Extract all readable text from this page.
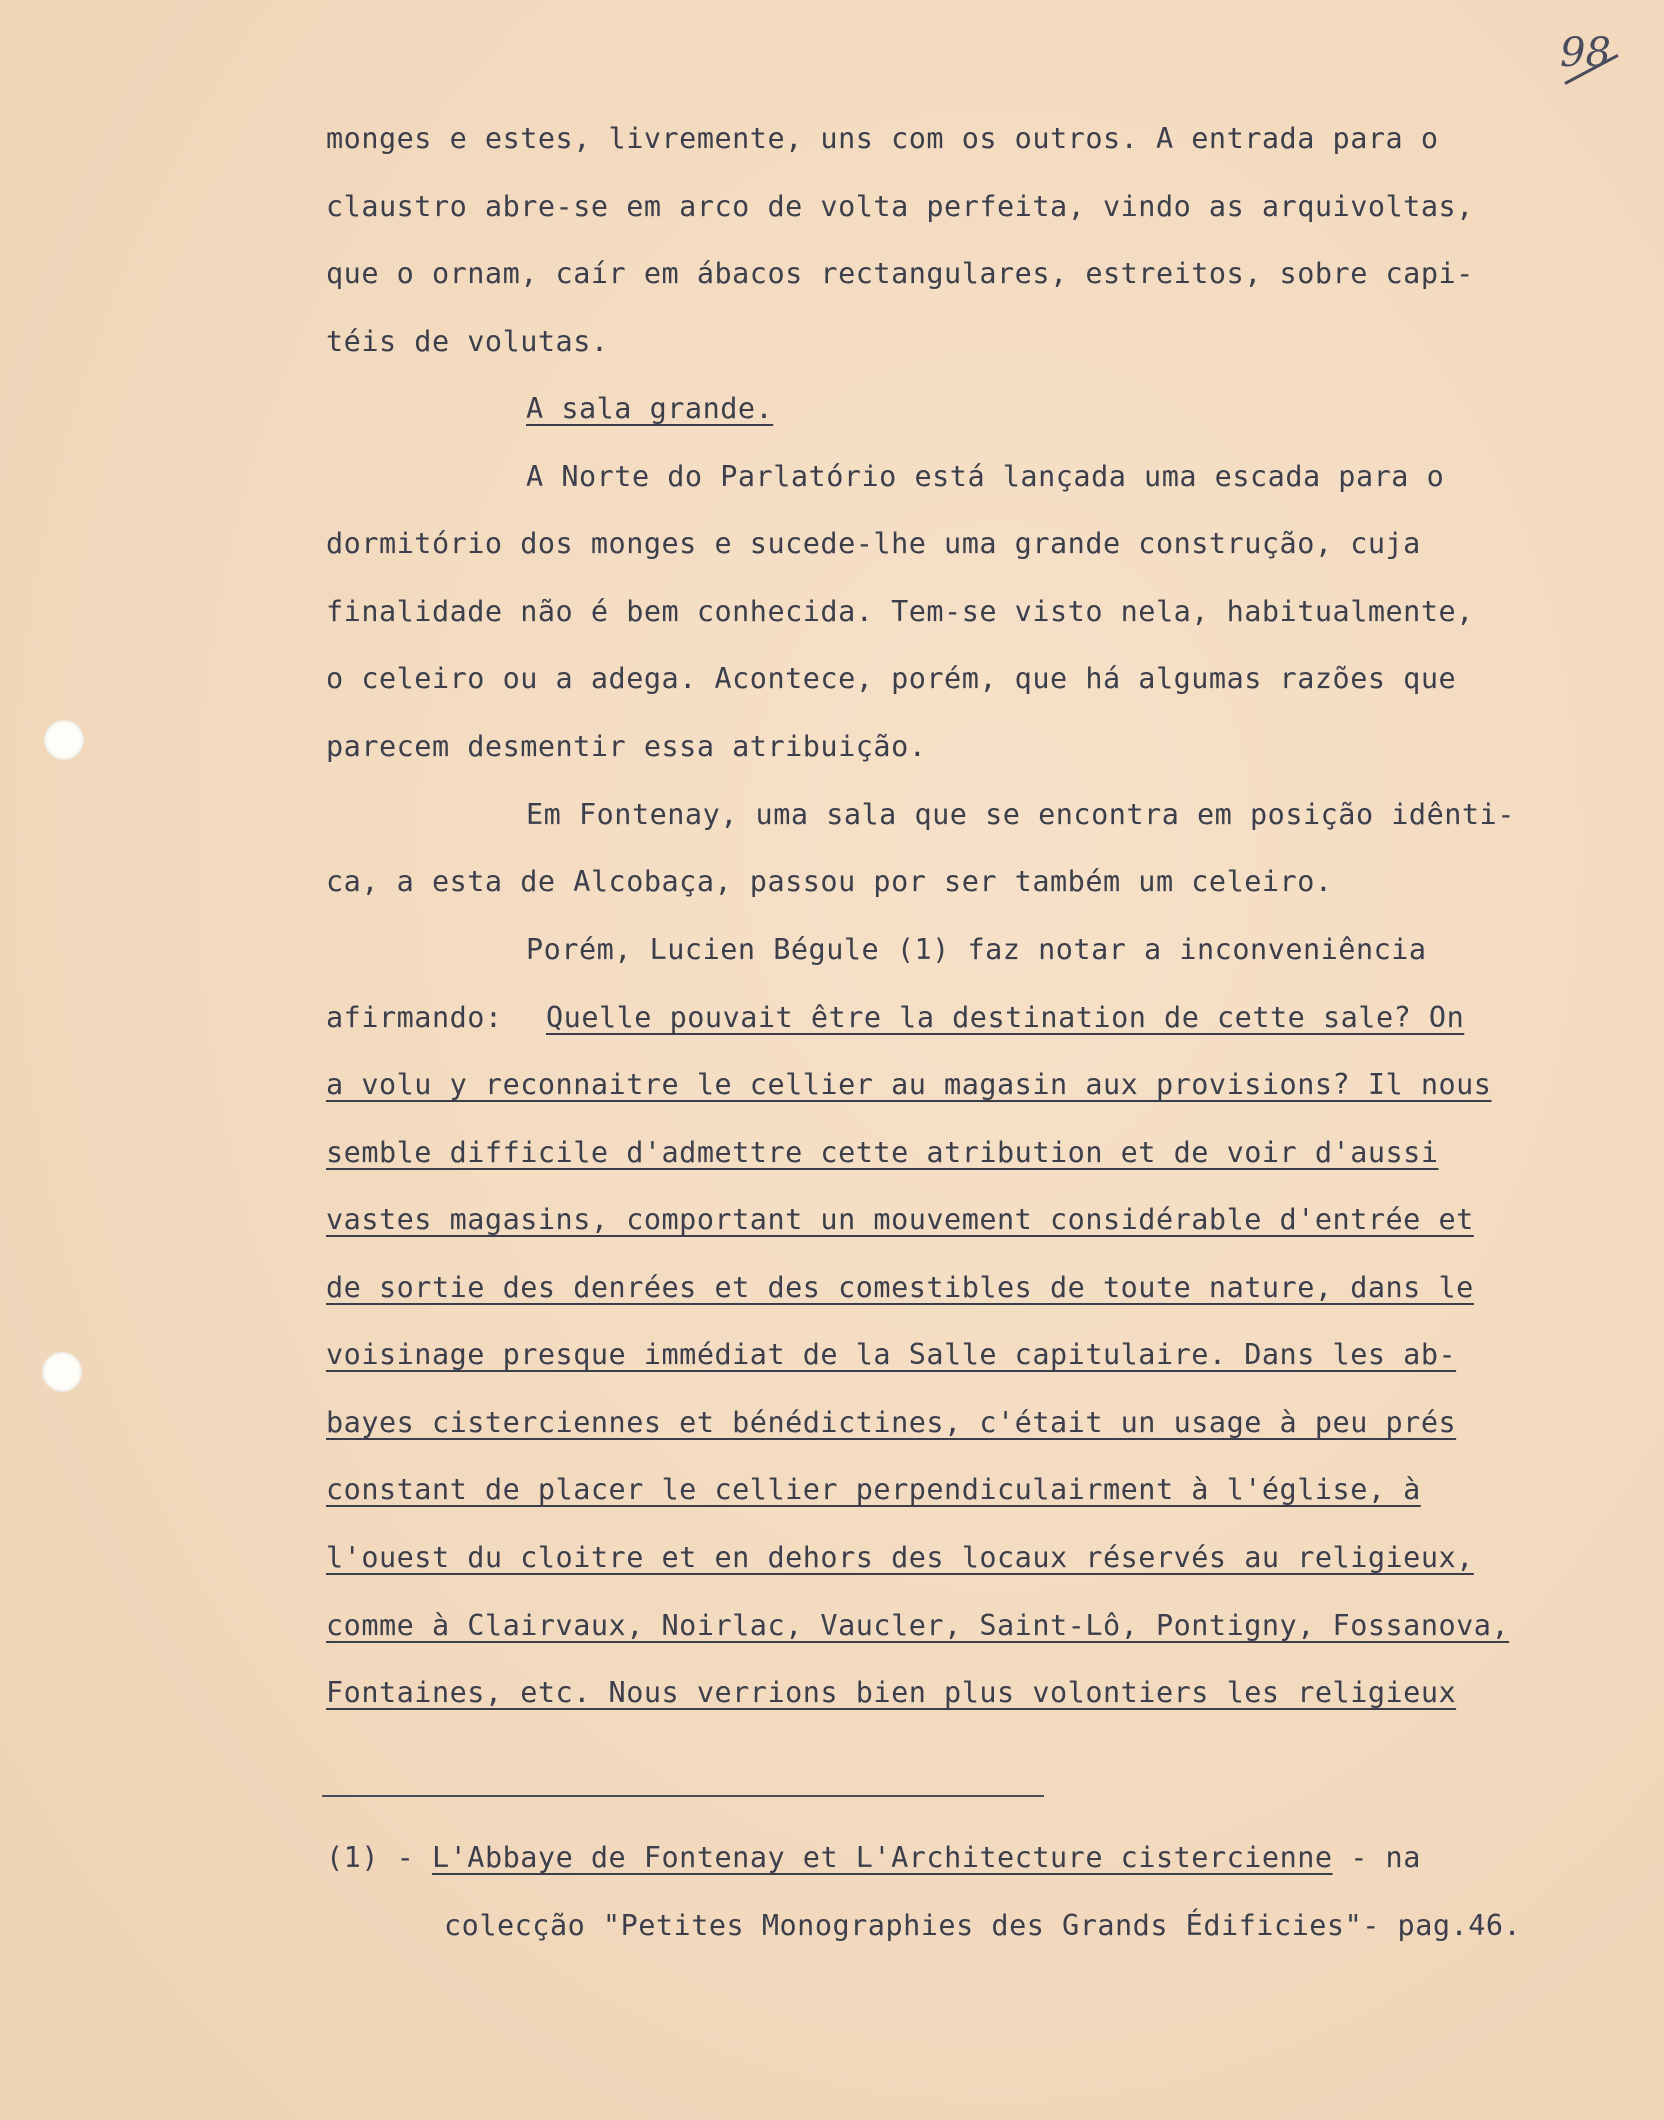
98
monges e estes, livremente, uns com os outros. A entrada para o
claustro abre-se em arco de volta perfeita, vindo as arquivoltas,
que o ornam, caír em ábacos rectangulares, estreitos, sobre capi-
téis de volutas.
A sala grande.
A Norte do Parlatório está lançada uma escada para o
dormitório dos monges e sucede-lhe uma grande construção, cuja
finalidade não é bem conhecida. Tem-se visto nela, habitualmente,
o celeiro ou a adega. Acontece, porém, que há algumas razões que
parecem desmentir essa atribuição.
Em Fontenay, uma sala que se encontra em posição idênti-
ca, a esta de Alcobaça, passou por ser também um celeiro.
Porém, Lucien Bégule (1) faz notar a inconveniência
afirmando: Quelle pouvait être la destination de cette sale? On
a volu y reconnaitre le cellier au magasin aux provisions? Il nous
semble difficile d'admettre cette atribution et de voir d'aussi
vastes magasins, comportant un mouvement considérable d'entrée et
de sortie des denrées et des comestibles de toute nature, dans le
voisinage presque immédiat de la Salle capitulaire. Dans les ab-
bayes cisterciennes et bénédictines, c'était un usage à peu prés
constant de placer le cellier perpendiculairment à l'église, à
l'ouest du cloitre et en dehors des locaux réservés au religieux,
comme à Clairvaux, Noirlac, Vaucler, Saint-Lô, Pontigny, Fossanova,
Fontaines, etc. Nous verrions bien plus volontiers les religieux
(1) - L'Abbaye de Fontenay et L'Architecture cistercienne - na
colecção "Petites Monographies des Grands Édificies"- pag.46.
